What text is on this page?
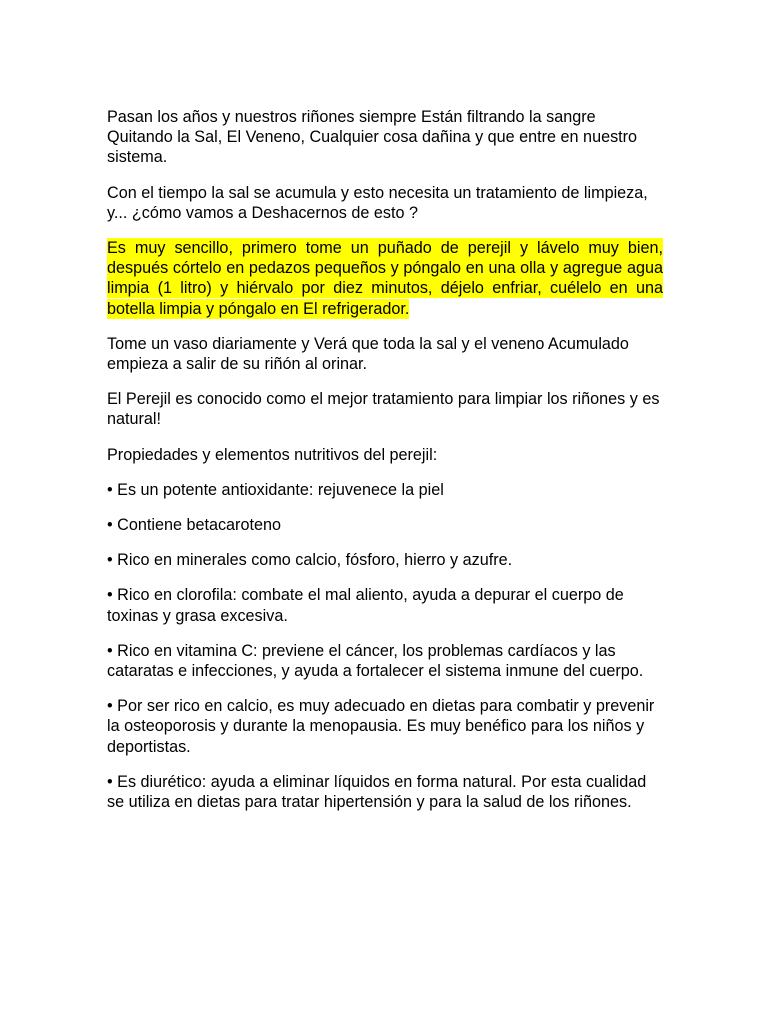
Pasan los años y nuestros riñones siempre Están filtrando la sangre Quitando la Sal, El Veneno, Cualquier cosa dañina y que entre en nuestro sistema.

Con el tiempo la sal se acumula y esto necesita un tratamiento de limpieza, y... ¿cómo vamos a Deshacernos de esto ?

Es muy sencillo, primero tome un puñado de perejil y lávelo muy bien, después córtelo en pedazos pequeños y póngalo en una olla y agregue agua limpia (1 litro) y hiérvalo por diez minutos, déjelo enfriar, cuélelo en una botella limpia y póngalo en El refrigerador.

Tome un vaso diariamente y Verá que toda la sal y el veneno Acumulado empieza a salir de su riñón al orinar.

El Perejil es conocido como el mejor tratamiento para limpiar los riñones y es natural!

Propiedades y elementos nutritivos del perejil:

• Es un potente antioxidante: rejuvenece la piel

• Contiene betacaroteno

• Rico en minerales como calcio, fósforo, hierro y azufre.

• Rico en clorofila: combate el mal aliento, ayuda a depurar el cuerpo de toxinas y grasa excesiva.

• Rico en vitamina C: previene el cáncer, los problemas cardíacos y las cataratas e infecciones, y ayuda a fortalecer el sistema inmune del cuerpo.

• Por ser rico en calcio, es muy adecuado en dietas para combatir y prevenir la osteoporosis y durante la menopausia. Es muy benéfico para los niños y deportistas.

• Es diurético: ayuda a eliminar líquidos en forma natural. Por esta cualidad se utiliza en dietas para tratar hipertensión y para la salud de los riñones.
